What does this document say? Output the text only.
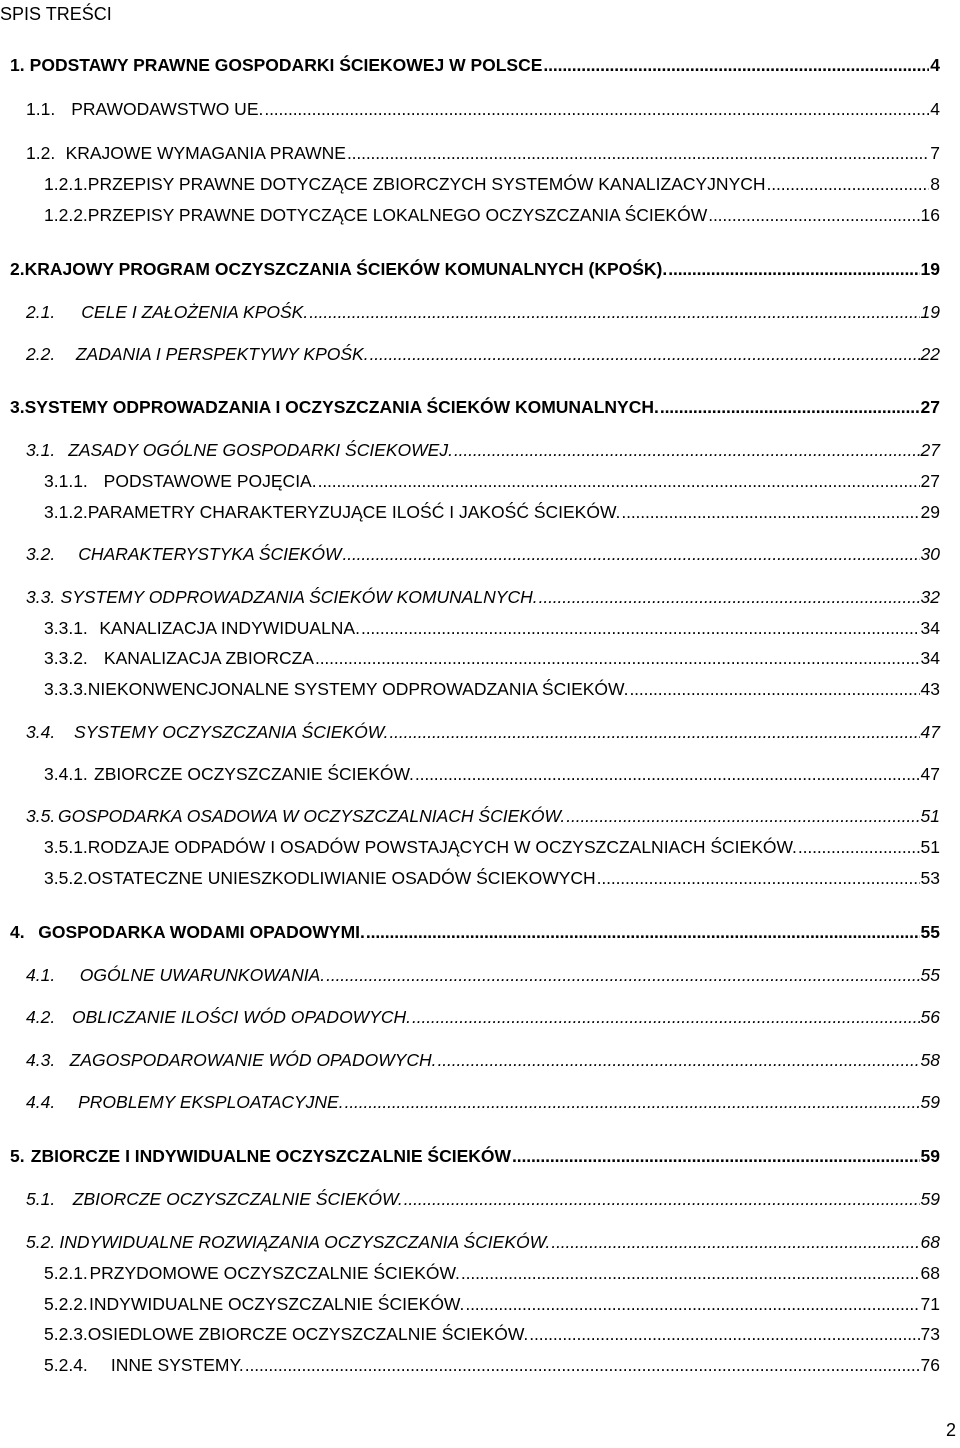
SPIS TREŚCI
1. PODSTAWY PRAWNE GOSPODARKI ŚCIEKOWEJ W POLSCE . . .	4
1.1. PRAWODAWSTWO UE. . . .	4
1.2. KRAJOWE WYMAGANIA PRAWNE . . .	7
1.2.1. PRZEPISY PRAWNE DOTYCZĄCE ZBIORCZYCH SYSTEMÓW KANALIZACYJNYCH . . .	8
1.2.2. PRZEPISY PRAWNE DOTYCZĄCE LOKALNEGO OCZYSZCZANIA ŚCIEKÓW . . .	16
2. KRAJOWY PROGRAM OCZYSZCZANIA ŚCIEKÓW KOMUNALNYCH (KPOŚK). . . .	19
2.1.	CELE I ZAŁOŻENIA KPOŚK. . . .	19
2.2.	ZADANIA I PERSPEKTYWY KPOŚK. . . .	22
3. SYSTEMY ODPROWADZANIA I OCZYSZCZANIA ŚCIEKÓW KOMUNALNYCH. . . .	27
3.1. ZASADY OGÓLNE GOSPODARKI ŚCIEKOWEJ. . . .	27
3.1.1. PODSTAWOWE POJĘCIA. . . .	27
3.1.2. PARAMETRY CHARAKTERYZUJĄCE ILOŚĆ I JAKOŚĆ ŚCIEKÓW. . . .	29
3.2.	CHARAKTERYSTYKA ŚCIEKÓW . . .	30
3.3. SYSTEMY ODPROWADZANIA ŚCIEKÓW KOMUNALNYCH. . . .	32
3.3.1. KANALIZACJA INDYWIDUALNA. . . .	34
3.3.2. KANALIZACJA ZBIORCZA . . .	34
3.3.3. NIEKONWENCJONALNE SYSTEMY ODPROWADZANIA ŚCIEKÓW. . . .	43
3.4.	SYSTEMY OCZYSZCZANIA ŚCIEKÓW. . . .	47
3.4.1. ZBIORCZE OCZYSZCZANIE ŚCIEKÓW. . . .	47
3.5. GOSPODARKA OSADOWA W OCZYSZCZALNIACH ŚCIEKÓW. . . .	51
3.5.1. RODZAJE ODPADÓW I OSADÓW POWSTAJĄCYCH W OCZYSZCZALNIACH ŚCIEKÓW. . . .	51
3.5.2. OSTATECZNE UNIESZKODLIWIANIE OSADÓW ŚCIEKOWYCH . . .	53
4. GOSPODARKA WODAMI OPADOWYMI. . . .	55
4.1.	OGÓLNE UWARUNKOWANIA. . . .	55
4.2. OBLICZANIE ILOŚCI WÓD OPADOWYCH. . . .	56
4.3. ZAGOSPODAROWANIE WÓD OPADOWYCH. . . .	58
4.4.	PROBLEMY EKSPLOATACYJNE. . . .	59
5. ZBIORCZE I INDYWIDUALNE OCZYSZCZALNIE ŚCIEKÓW . . .	59
5.1.	ZBIORCZE OCZYSZCZALNIE ŚCIEKÓW. . . .	59
5.2. INDYWIDUALNE ROZWIĄZANIA OCZYSZCZANIA ŚCIEKÓW. . . .	68
5.2.1. PRZYDOMOWE OCZYSZCZALNIE ŚCIEKÓW. . . .	68
5.2.2. INDYWIDUALNE OCZYSZCZALNIE ŚCIEKÓW. . . .	71
5.2.3. OSIEDLOWE ZBIORCZE OCZYSZCZALNIE ŚCIEKÓW. . . .	73
5.2.4.	INNE SYSTEMY. . . .	76
2
